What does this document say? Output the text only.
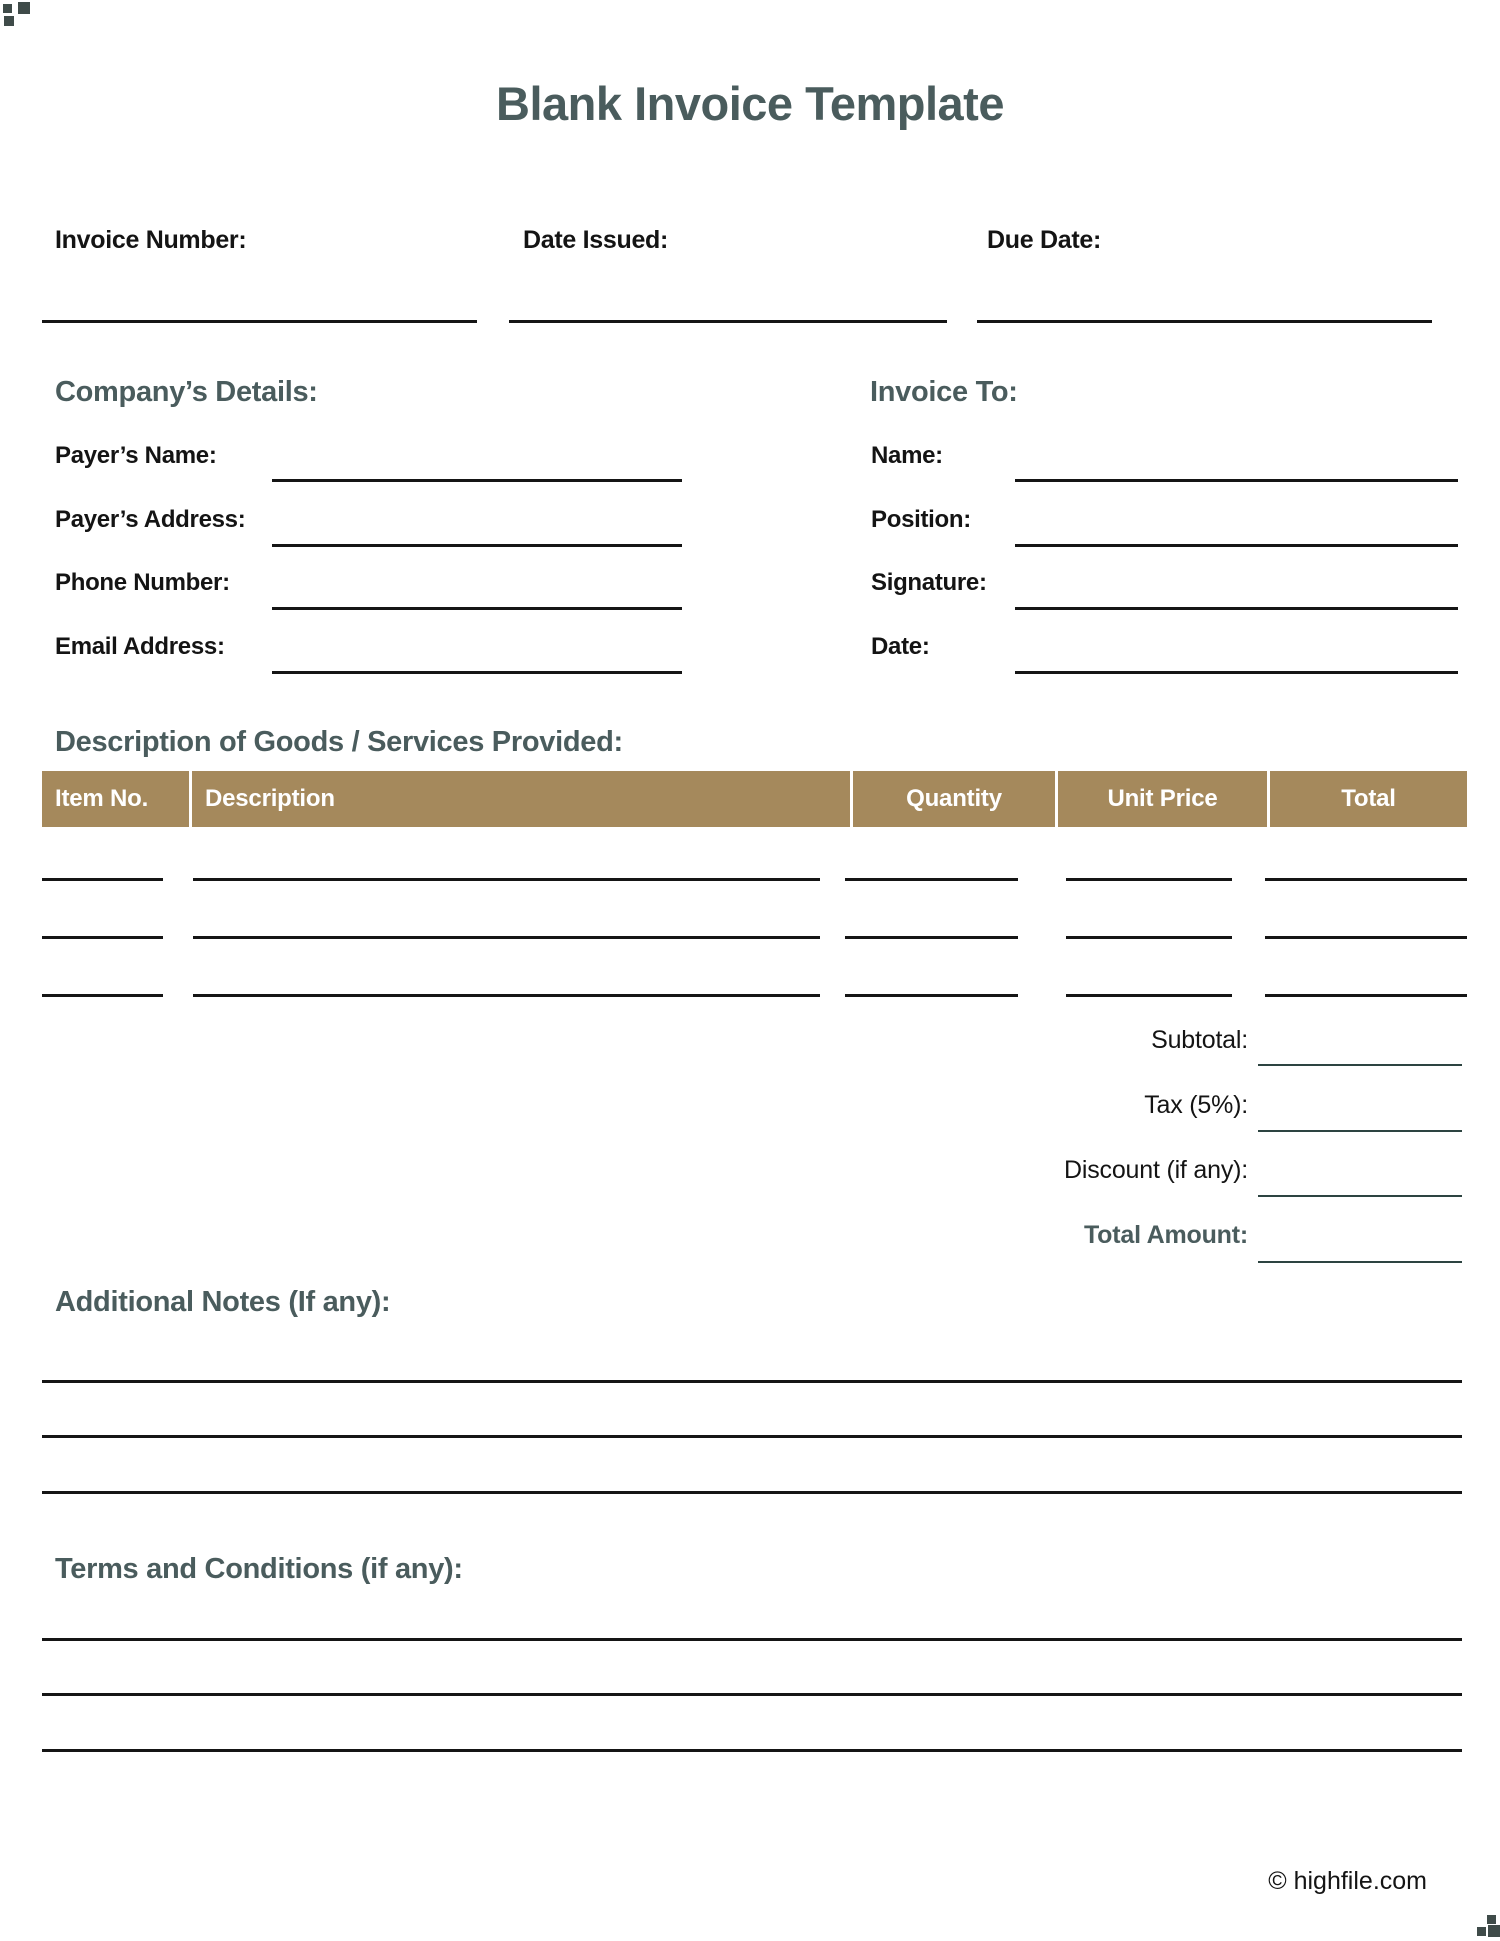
Blank Invoice Template
Invoice Number:	Date Issued:	Due Date:
Company’s Details:
Payer’s Name:
Payer’s Address:
Phone Number:
Email Address:
Invoice To:
Name:
Position:
Signature:
Date:
Description of Goods / Services Provided:
Item No.	Description	Quantity	Unit Price	Total
Subtotal:
Tax (5%):
Discount (if any):
Total Amount:
Additional Notes (If any):
Terms and Conditions (if any):
© highfile.com
